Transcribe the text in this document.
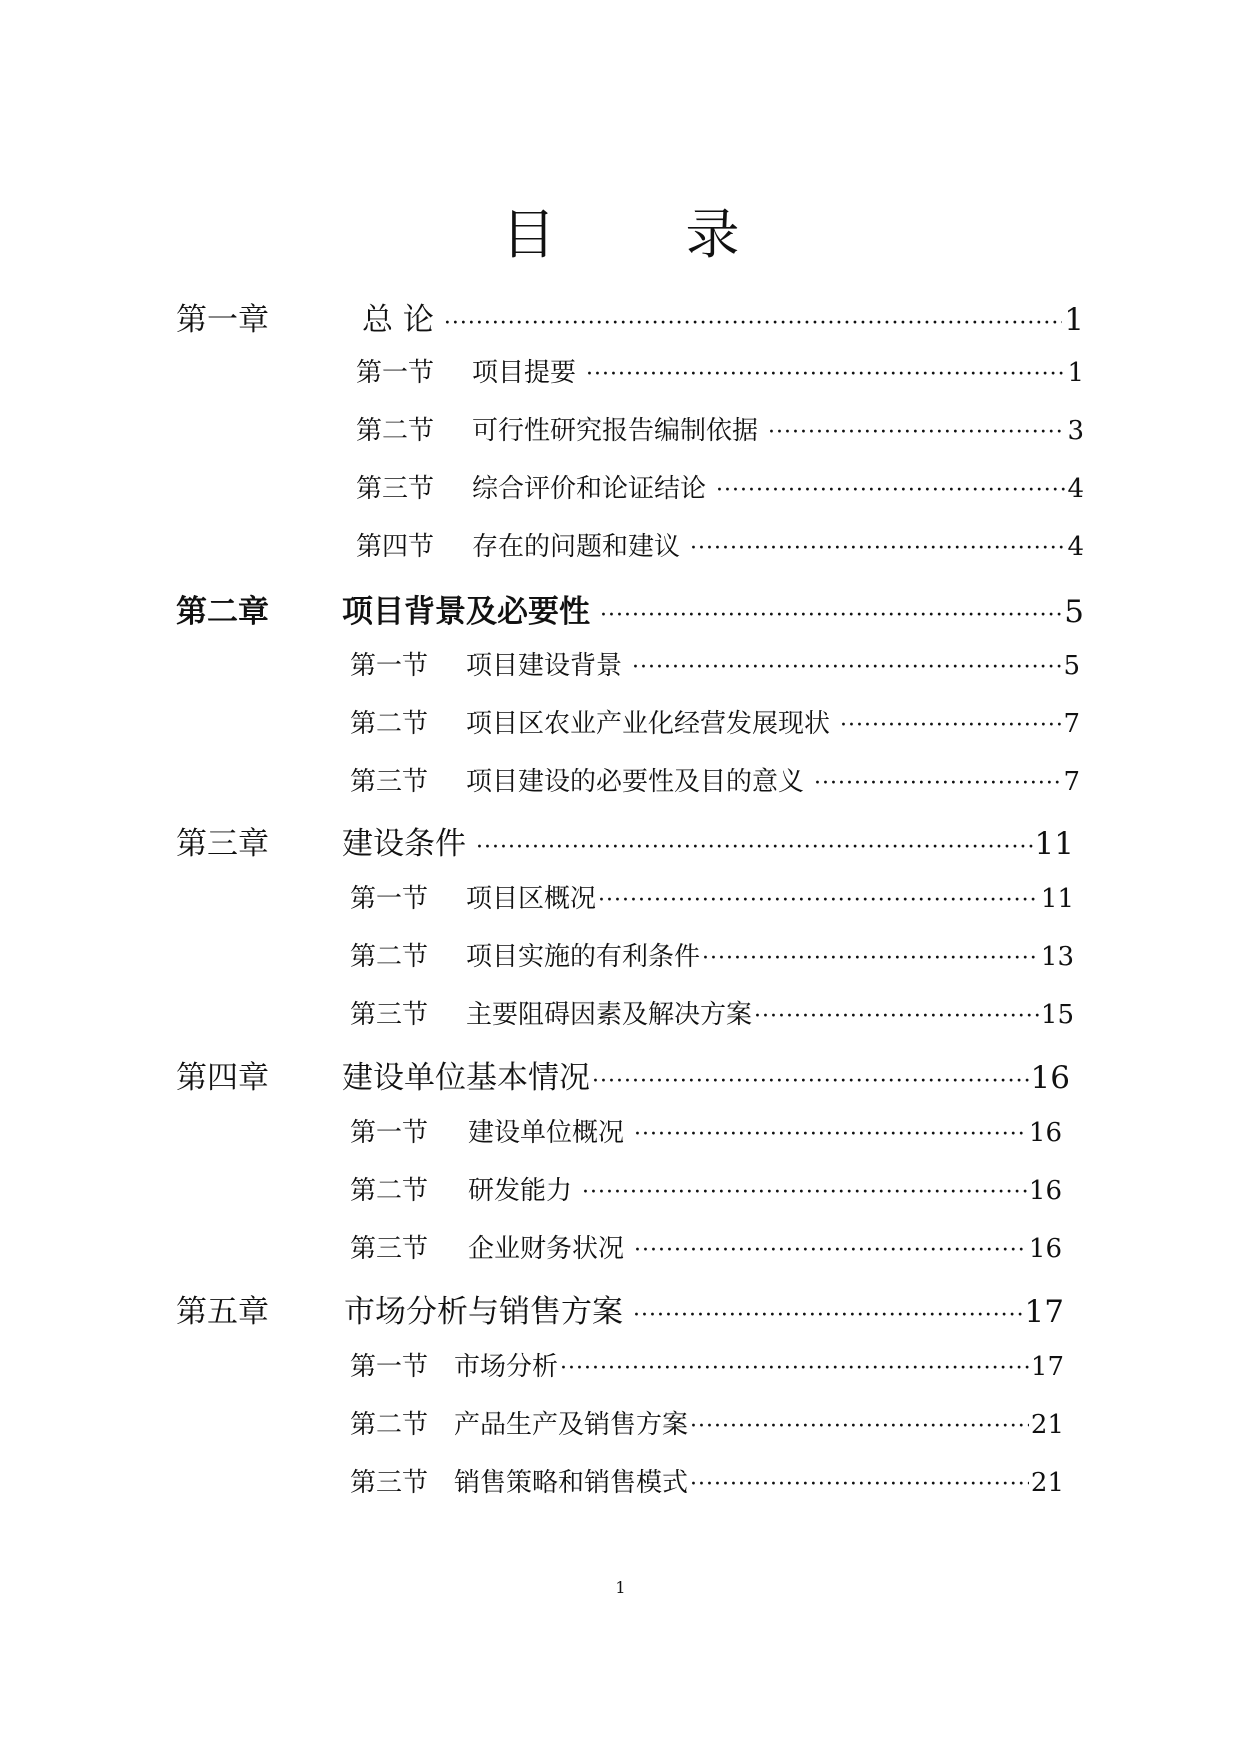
目 录
第一章	总 论 ·····	1
第一节	项目提要 ·····	1
第二节	可行性研究报告编制依据 ·····	3
第三节	综合评价和论证结论 ·····	4
第四节	存在的问题和建议 ·····	4
第二章	项目背景及必要性 ·····	5
第一节	项目建设背景 ·····	5
第二节	项目区农业产业化经营发展现状 ·····	7
第三节	项目建设的必要性及目的意义 ·····	7
第三章	建设条件 ·····	11
第一节	项目区概况 ·····	11
第二节	项目实施的有利条件 ·····	13
第三节	主要阻碍因素及解决方案 ·····	15
第四章	建设单位基本情况 ·····	16
第一节	建设单位概况 ·····	16
第二节	研发能力 ·····	16
第三节	企业财务状况 ·····	16
第五章	市场分析与销售方案 ·····	17
第一节 市场分析 ·····	17
第二节 产品生产及销售方案 ·····	21
第三节 销售策略和销售模式 ·····	21
1
